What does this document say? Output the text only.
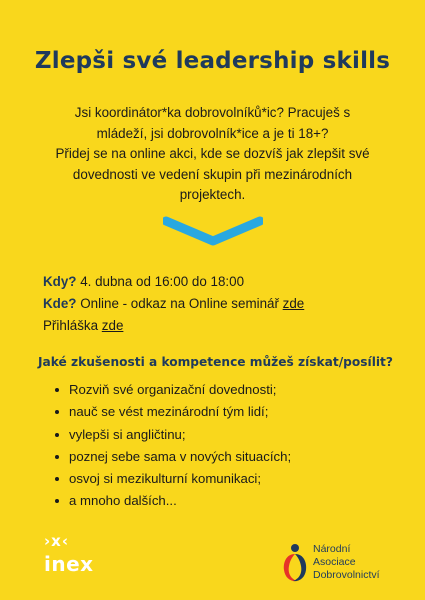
Zlepši své leadership skills
Jsi koordinátor*ka dobrovolníků*ic? Pracuješ s
mládeží, jsi dobrovolník*ice a je ti 18+?
Přidej se na online akci, kde se dozvíš jak zlepšit své
dovednosti ve vedení skupin při mezinárodních
projektech.
Kdy? 4. dubna od 16:00 do 18:00
Kde? Online - odkaz na Online seminář zde
Přihláška zde
Jaké zkušenosti a kompetence můžeš získat/posílit?
Rozviň své organizační dovednosti;
nauč se vést mezinárodní tým lidí;
vylepši si angličtinu;
poznej sebe sama v nových situacích;
osvoj si mezikulturní komunikaci;
a mnoho dalších...
›x‹
inex
Národní
Asociace
Dobrovolnictví
